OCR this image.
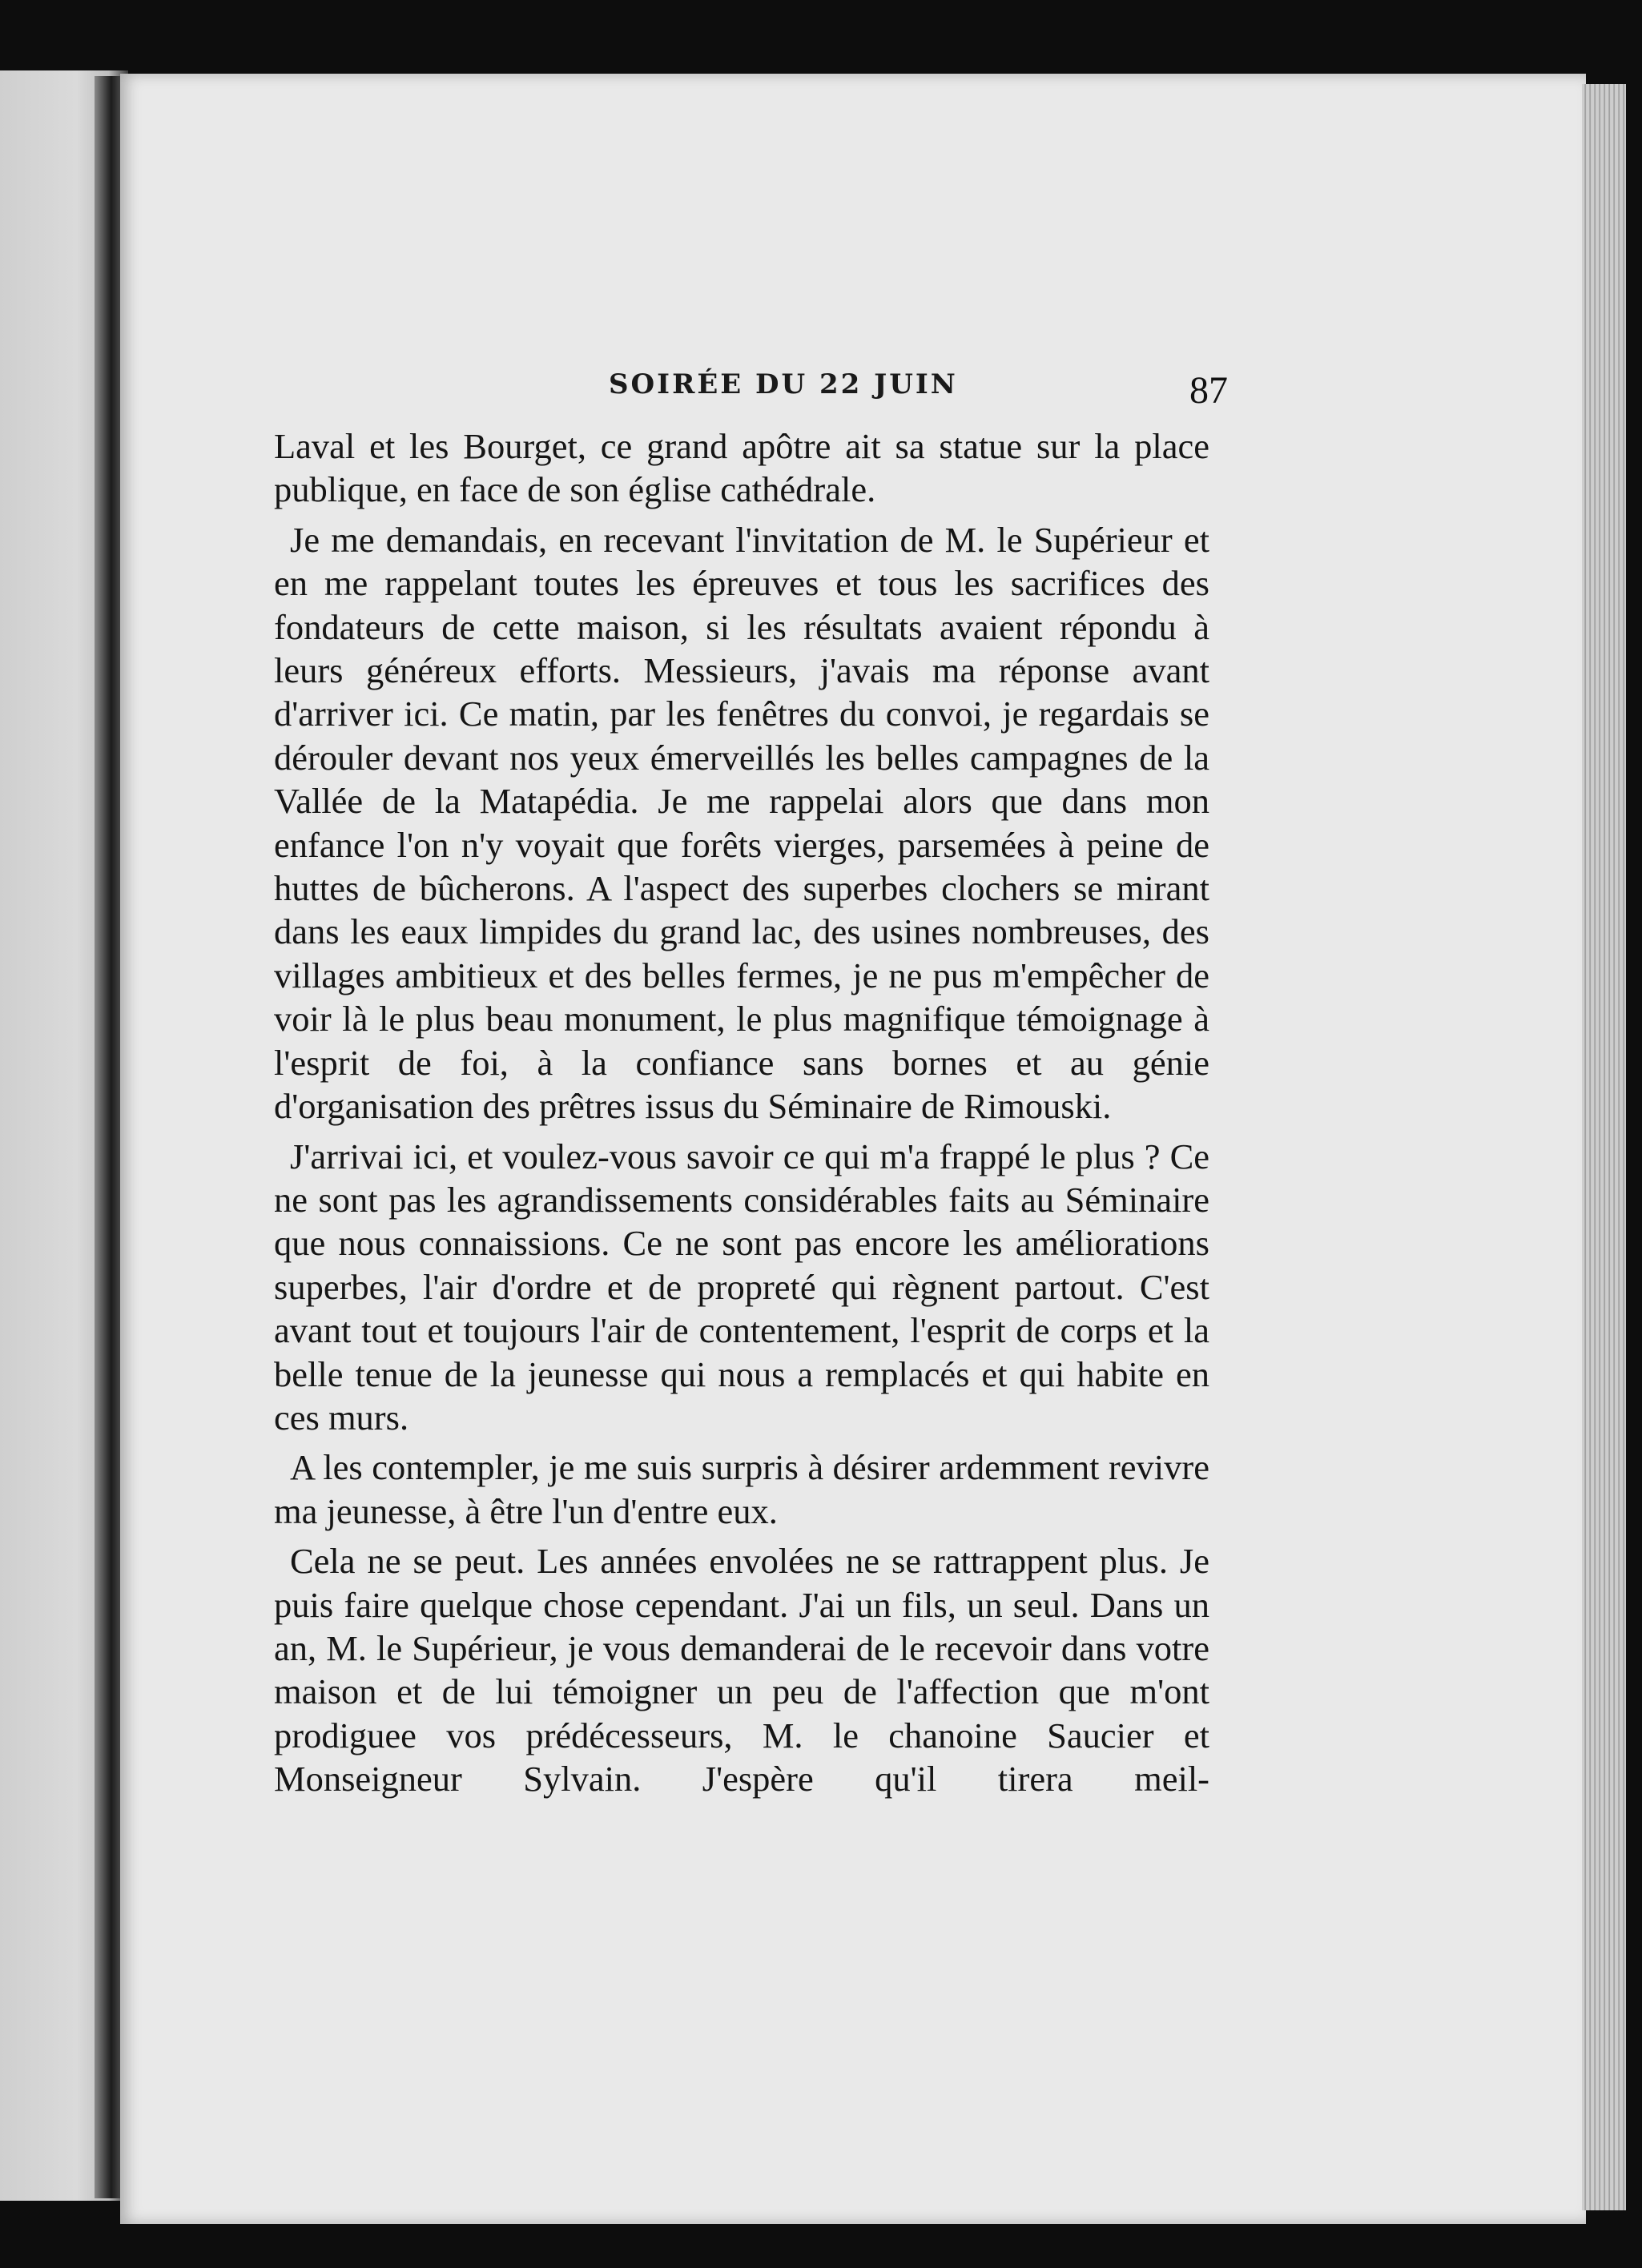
SOIRÉE DU 22 JUIN	87

Laval et les Bourget, ce grand apôtre ait sa statue sur la place publique, en face de son église cathédrale.

Je me demandais, en recevant l'invitation de M. le Supérieur et en me rappelant toutes les épreuves et tous les sacrifices des fondateurs de cette maison, si les résultats avaient répondu à leurs généreux efforts. Messieurs, j'avais ma réponse avant d'arriver ici. Ce matin, par les fenêtres du convoi, je regardais se dérouler devant nos yeux émerveillés les belles campagnes de la Vallée de la Matapédia. Je me rappelai alors que dans mon enfance l'on n'y voyait que forêts vierges, parsemées à peine de huttes de bûcherons. A l'aspect des superbes clochers se mirant dans les eaux limpides du grand lac, des usines nombreuses, des villages ambitieux et des belles fermes, je ne pus m'empêcher de voir là le plus beau monument, le plus magnifique témoignage à l'esprit de foi, à la confiance sans bornes et au génie d'organisation des prêtres issus du Séminaire de Rimouski.

J'arrivai ici, et voulez-vous savoir ce qui m'a frappé le plus ? Ce ne sont pas les agrandissements considérables faits au Séminaire que nous connaissions. Ce ne sont pas encore les améliorations superbes, l'air d'ordre et de propreté qui règnent partout. C'est avant tout et toujours l'air de contentement, l'esprit de corps et la belle tenue de la jeunesse qui nous a remplacés et qui habite en ces murs.

A les contempler, je me suis surpris à désirer ardemment revivre ma jeunesse, à être l'un d'entre eux.

Cela ne se peut. Les années envolées ne se rattrappent plus. Je puis faire quelque chose cependant. J'ai un fils, un seul. Dans un an, M. le Supérieur, je vous demanderai de le recevoir dans votre maison et de lui témoigner un peu de l'affection que m'ont prodiguee vos prédécesseurs, M. le chanoine Saucier et Monseigneur Sylvain. J'espère qu'il tirera meil-
